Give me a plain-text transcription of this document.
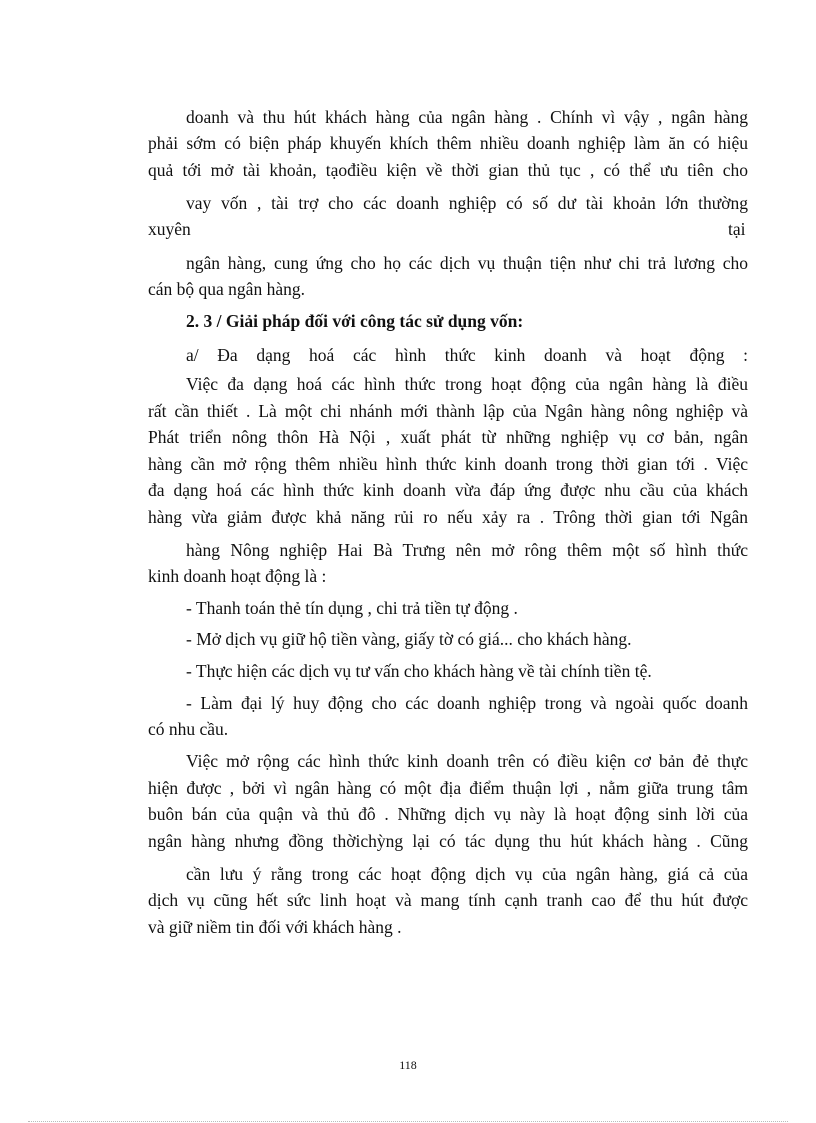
doanh và thu hút khách hàng của ngân hàng . Chính vì vậy , ngân hàng
phải sớm có biện pháp khuyến khích thêm nhiều doanh nghiệp làm ăn có hiệu
quả tới mở tài khoản, tạođiều kiện về thời gian thủ tục , có thể ưu tiên cho
vay vốn , tài trợ cho các doanh nghiệp có số dư tài khoản lớn thường
xuyên	tại
ngân hàng, cung ứng cho họ các dịch vụ thuận tiện như chi trả lương cho
cán bộ qua ngân hàng.
2. 3 / Giải pháp đối với công tác sử dụng vốn:
a/ Đa dạng hoá các hình thức kinh doanh và hoạt động :
Việc đa dạng hoá các hình thức trong hoạt động của ngân hàng là điều
rất cần thiết . Là một chi nhánh mới thành lập của Ngân hàng nông nghiệp và
Phát triển nông thôn Hà Nội , xuất phát từ những nghiệp vụ cơ bản, ngân
hàng cần mở rộng thêm nhiều hình thức kinh doanh trong thời gian tới . Việc
đa dạng hoá các hình thức kinh doanh vừa đáp ứng được nhu cầu của khách
hàng vừa giảm được khả năng rủi ro nếu xảy ra . Trông thời gian tới Ngân
hàng Nông nghiệp Hai Bà Trưng nên mở rông thêm một số hình thức
kinh doanh hoạt động là :
- Thanh toán thẻ tín dụng , chi trả tiền tự động .
- Mở dịch vụ giữ hộ tiền vàng, giấy tờ có giá... cho khách hàng.
- Thực hiện các dịch vụ tư vấn cho khách hàng về tài chính tiền tệ.
- Làm đại lý huy động cho các doanh nghiệp trong và ngoài quốc doanh
có nhu cầu.
Việc mở rộng các hình thức kinh doanh trên có điều kiện cơ bản đẻ thực
hiện được , bởi vì ngân hàng có một địa điểm thuận lợi , nằm giữa trung tâm
buôn bán của quận và thủ đô . Những dịch vụ này là hoạt động sinh lời của
ngân hàng nhưng đồng thờichỳng lại có tác dụng thu hút khách hàng . Cũng
cần lưu ý rằng trong các hoạt động dịch vụ của ngân hàng, giá cả của
dịch vụ cũng hết sức linh hoạt và mang tính cạnh tranh cao để thu hút được
và giữ niềm tin đối với khách hàng .
118
